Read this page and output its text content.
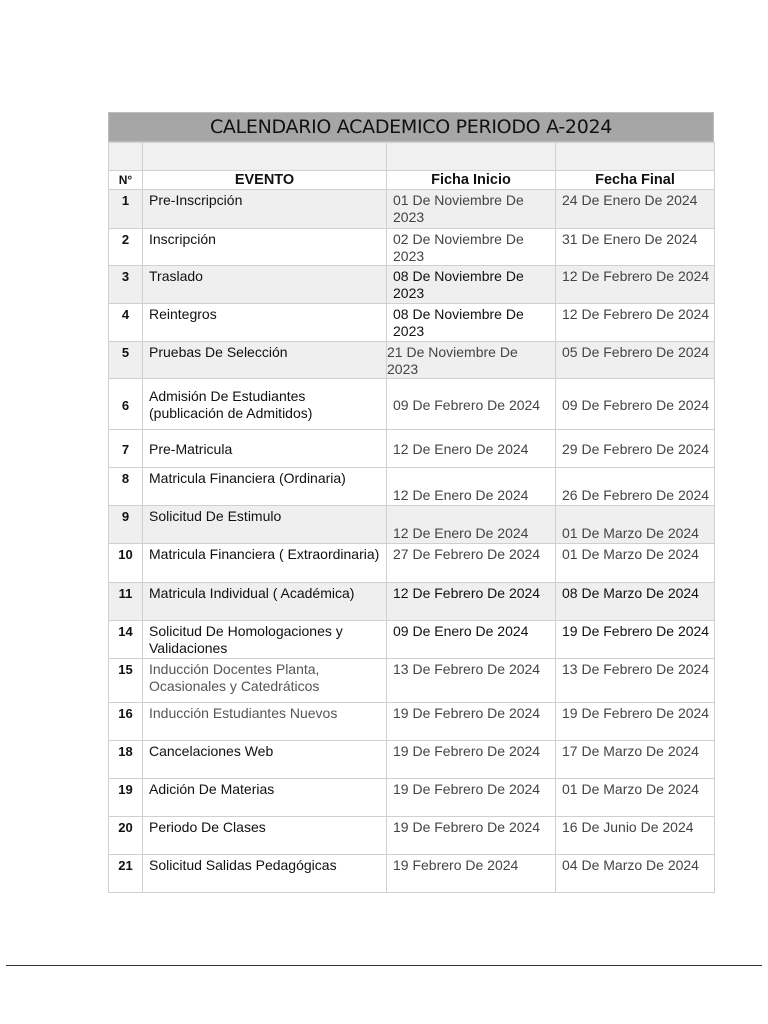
CALENDARIO ACADEMICO PERIODO A-2024

N°	EVENTO	Ficha Inicio	Fecha Final
1	Pre-Inscripción	01 De Noviembre De 2023	24 De Enero De 2024
2	Inscripción	02 De Noviembre De 2023	31 De Enero De 2024
3	Traslado	08 De Noviembre De 2023	12 De Febrero De 2024
4	Reintegros	08 De Noviembre De 2023	12 De Febrero De 2024
5	Pruebas De Selección	21 De Noviembre De 2023	05 De Febrero De 2024
6	Admisión De Estudiantes (publicación de Admitidos)	09 De Febrero De 2024	09 De Febrero De 2024
7	Pre-Matricula	12 De Enero De 2024	29 De Febrero De 2024
8	Matricula Financiera (Ordinaria)	12 De Enero De 2024	26 De Febrero De 2024
9	Solicitud De Estimulo	12 De Enero De 2024	01 De Marzo De 2024
10	Matricula Financiera ( Extraordinaria)	27 De Febrero De 2024	01 De Marzo De 2024
11	Matricula Individual ( Académica)	12 De Febrero De 2024	08 De Marzo De 2024
14	Solicitud De Homologaciones y Validaciones	09 De Enero De 2024	19 De Febrero De 2024
15	Inducción Docentes Planta, Ocasionales y Catedráticos	13 De Febrero De 2024	13 De Febrero De 2024
16	Inducción Estudiantes Nuevos	19 De Febrero De 2024	19 De Febrero De 2024
18	Cancelaciones Web	19 De Febrero De 2024	17 De Marzo De 2024
19	Adición De Materias	19 De Febrero De 2024	01 De Marzo De 2024
20	Periodo De Clases	19 De Febrero De 2024	16 De Junio De 2024
21	Solicitud Salidas Pedagógicas	19 Febrero De 2024	04 De Marzo De 2024
